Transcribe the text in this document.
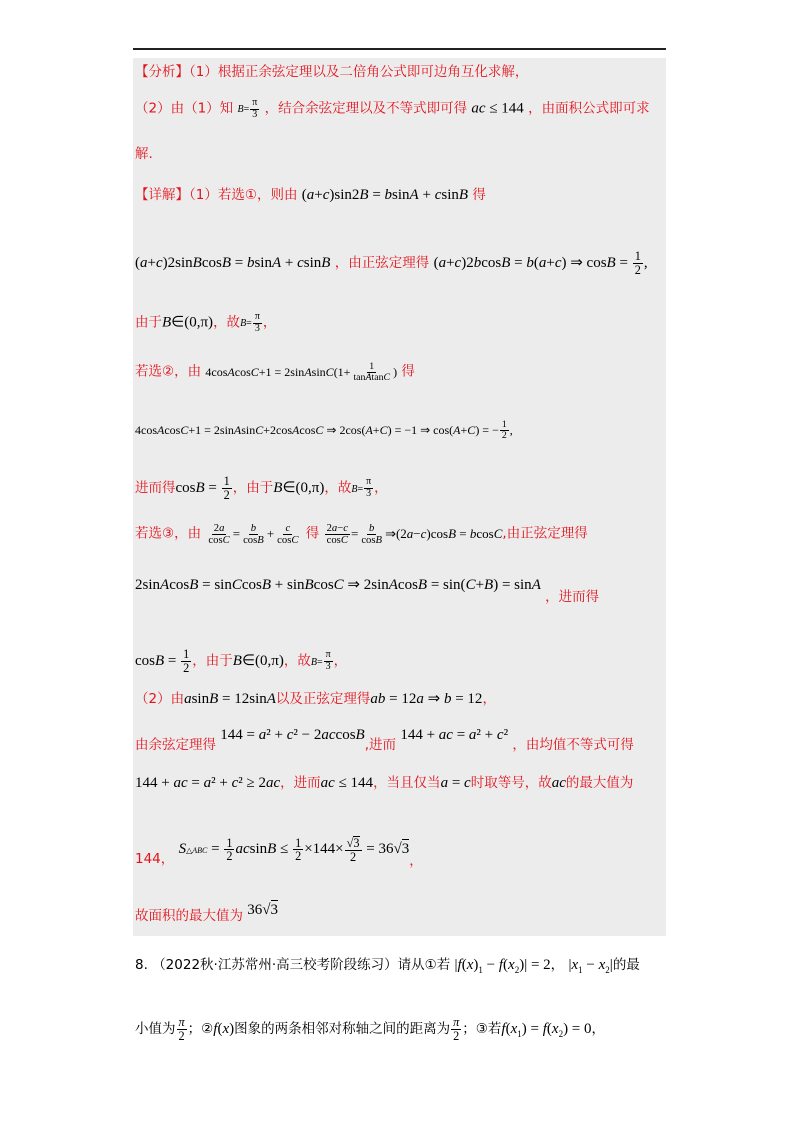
【分析】（1）根据正余弦定理以及二倍角公式即可边角互化求解，
（2）由（1）知 $B= \frac{\pi}{3}$ ，结合余弦定理以及不等式即可得 ac ≤ 144 ，由面积公式即可求
解.
【详解】（1）若选①，则由 (a+c)sin2B = bsinA + csinB 得
(a+c)2sinBcosB = bsinA + csinB ，由正弦定理得 (a+c)2bcosB = b(a+c) ⇒ $\cos B = \frac{1}{2}$ ,
由于B∈(0,π)，故$B= \frac{\pi}{3}$ ，
若选②，由 4cosAcosC+1 = 2sinAsinC(1+ $\frac{1}{\text{tanAtanC}}$ ) 得
4cosAcosC+1 = 2sinAsinC+2cosAcosC ⇒ 2cos(A+C) = −1 ⇒ cos(A+C) = − $\frac{1}{2}$ ,
进而得$\cos B = \frac{1}{2}$ ，由于B∈(0,π)，故$B= \frac{\pi}{3}$ ，
若选③，由 $\frac{2a}{\cos C} = \frac{b}{\cos B} + \frac{c}{\cos C}$ 得 $\frac{2a-c}{\cos C} = \frac{b}{\cos B}$ ⇒(2a−c)cosB = bcosC,由正弦定理得
2sinAcosB = sinCcosB + sinBcosC ⇒ 2sinAcosB = sin(C+B) = sinA ，进而得
$\cos B = \frac{1}{2}$ ，由于B∈(0,π)，故$B= \frac{\pi}{3}$ ，
（2）由asinB = 12sinA以及正弦定理得ab = 12a ⇒ b = 12，
由余弦定理得 144 = a² + c² − 2accosB,进而 144 + ac = a² + c² ，由均值不等式可得
144 + ac = a² + c² ≥ 2ac，进而ac ≤ 144，当且仅当a = c时取等号，故ac的最大值为
144， S△ABC = $\frac{1}{2}$ $acsinB \le \frac{1}{2} \times 144\times \frac{√3}{2} = 36√3$，
故面积的最大值为 36√3
8. （2022秋·江苏常州·高三校考阶段练习）请从①若 $|f(x)_1 - f(x_2)| = 2$， $|x_1 - x_2|$的最
小值为 $\frac{\pi}{2}$ ；②f(x)图象的两条相邻对称轴之间的距离为 $\frac{\pi}{2}$ ；③若$f(x_1) = f(x_2) = 0$，
